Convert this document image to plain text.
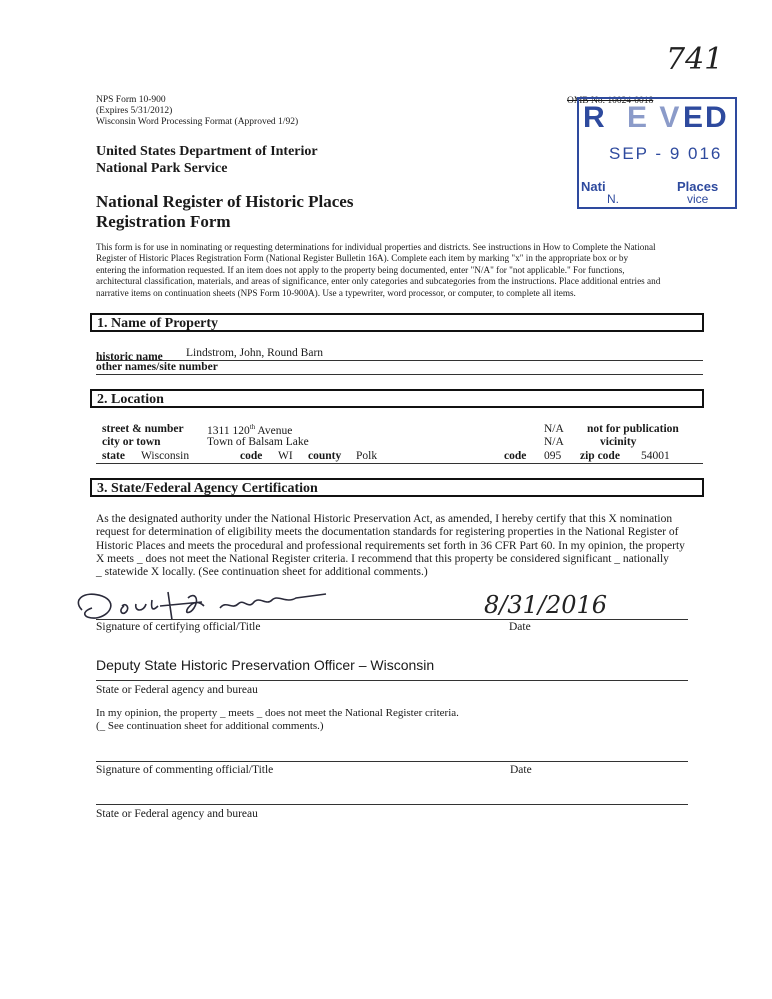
741
NPS Form 10-900
(Expires 5/31/2012)
Wisconsin Word Processing Format (Approved 1/92)
OMB No. 10024-0018
R E V ED
SEP - 9 016
Nati	Places
N.	vice
United States Department of Interior
National Park Service
National Register of Historic Places
Registration Form
This form is for use in nominating or requesting determinations for individual properties and districts. See instructions in How to Complete the National
Register of Historic Places Registration Form (National Register Bulletin 16A). Complete each item by marking "x" in the appropriate box or by
entering the information requested. If an item does not apply to the property being documented, enter "N/A" for "not applicable." For functions,
architectural classification, materials, and areas of significance, enter only categories and subcategories from the instructions. Place additional entries and
narrative items on continuation sheets (NPS Form 10-900A). Use a typewriter, word processor, or computer, to complete all items.
1. Name of Property
historic name Lindstrom, John, Round Barn
other names/site number
2. Location
street & number 1311 120th Avenue	N/A not for publication
city or town	Town of Balsam Lake	N/A	vicinity
state Wisconsin	code WI county Polk	code 095 zip code 54001
3. State/Federal Agency Certification
As the designated authority under the National Historic Preservation Act, as amended, I hereby certify that this X nomination
request for determination of eligibility meets the documentation standards for registering properties in the National Register of
Historic Places and meets the procedural and professional requirements set forth in 36 CFR Part 60. In my opinion, the property
X meets _ does not meet the National Register criteria. I recommend that this property be considered significant _ nationally
_ statewide X locally. (See continuation sheet for additional comments.)
8/31/2016
Signature of certifying official/Title	Date
Deputy State Historic Preservation Officer – Wisconsin
State or Federal agency and bureau
In my opinion, the property _ meets _ does not meet the National Register criteria.
(_ See continuation sheet for additional comments.)
Signature of commenting official/Title	Date
State or Federal agency and bureau
